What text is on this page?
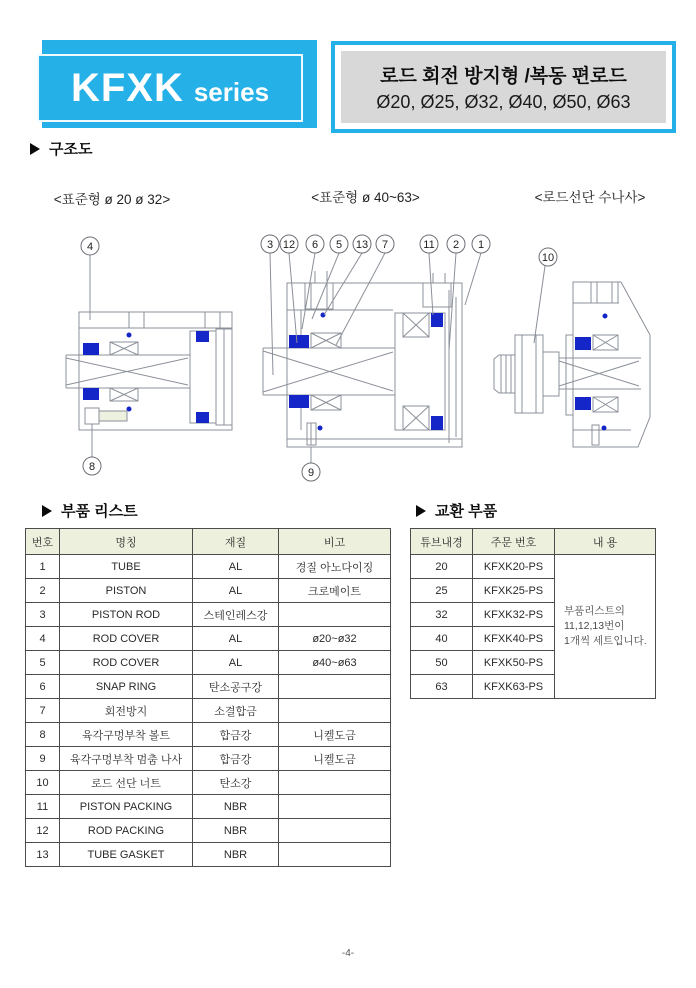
KFXK series
로드 회전 방지형 /복동 편로드
Ø20, Ø25, Ø32, Ø40, Ø50, Ø63
구조도
<표준형 ø 20 ø 32>	<표준형 ø 40~63>	<로드선단 수나사>
4
8
3 12 6 5 13 7	11 2 1
9
10
부품 리스트
번호	명칭	재질	비고
1	TUBE	AL	경질 아노다이징
2	PISTON	AL	크로메이트
3	PISTON ROD	스테인레스강	
4	ROD COVER	AL	ø20~ø32
5	ROD COVER	AL	ø40~ø63
6	SNAP RING	탄소공구강	
7	회전방지	소결합금	
8	육각구멍부착 볼트	합금강	니켈도금
9	육각구멍부착 멈춤 나사	합금강	니켈도금
10	로드 선단 너트	탄소강	
11	PISTON PACKING	NBR	
12	ROD PACKING	NBR	
13	TUBE GASKET	NBR	
교환 부품
튜브내경	주문 번호	내 용
20	KFXK20-PS	부품리스트의
11,12,13번이
1개씩 세트입니다.

25	KFXK25-PS	
32	KFXK32-PS	
40	KFXK40-PS	
50	KFXK50-PS	
63	KFXK63-PS	
-4-
